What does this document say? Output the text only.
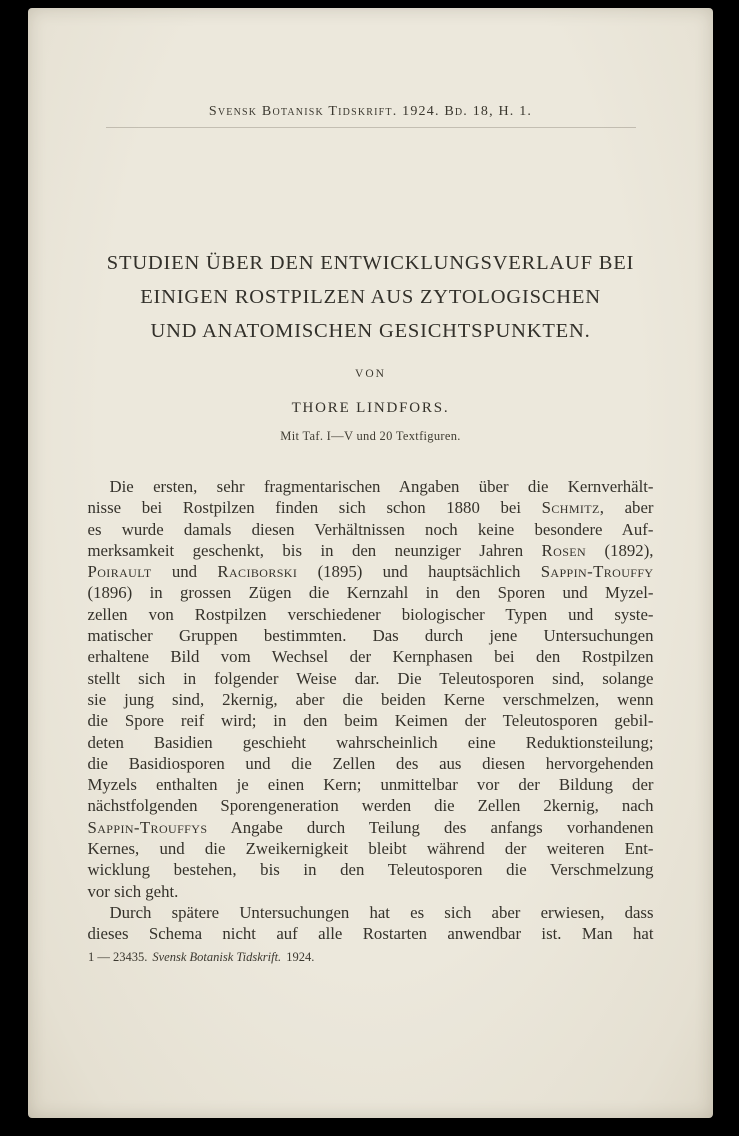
Svensk Botanisk Tidskrift. 1924. Bd. 18, H. 1.
STUDIEN ÜBER DEN ENTWICKLUNGSVERLAUF BEI
EINIGEN ROSTPILZEN AUS ZYTOLOGISCHEN
UND ANATOMISCHEN GESICHTSPUNKTEN.
VON
THORE LINDFORS.
Mit Taf. I—V und 20 Textfiguren.
Die ersten, sehr fragmentarischen Angaben über die Kernverhält-
nisse bei Rostpilzen finden sich schon 1880 bei Schmitz, aber
es wurde damals diesen Verhältnissen noch keine besondere Auf-
merksamkeit geschenkt, bis in den neunziger Jahren Rosen (1892),
Poirault und Raciborski (1895) und hauptsächlich Sappin-Trouffy
(1896) in grossen Zügen die Kernzahl in den Sporen und Myzel-
zellen von Rostpilzen verschiedener biologischer Typen und syste-
matischer Gruppen bestimmten. Das durch jene Untersuchungen
erhaltene Bild vom Wechsel der Kernphasen bei den Rostpilzen
stellt sich in folgender Weise dar. Die Teleutosporen sind, solange
sie jung sind, 2kernig, aber die beiden Kerne verschmelzen, wenn
die Spore reif wird; in den beim Keimen der Teleutosporen gebil-
deten Basidien geschieht wahrscheinlich eine Reduktionsteilung;
die Basidiosporen und die Zellen des aus diesen hervorgehenden
Myzels enthalten je einen Kern; unmittelbar vor der Bildung der
nächstfolgenden Sporengeneration werden die Zellen 2kernig, nach
Sappin-Trouffys Angabe durch Teilung des anfangs vorhandenen
Kernes, und die Zweikernigkeit bleibt während der weiteren Ent-
wicklung bestehen, bis in den Teleutosporen die Verschmelzung
vor sich geht.
Durch spätere Untersuchungen hat es sich aber erwiesen, dass
dieses Schema nicht auf alle Rostarten anwendbar ist. Man hat
1 — 23435. Svensk Botanisk Tidskrift. 1924.
